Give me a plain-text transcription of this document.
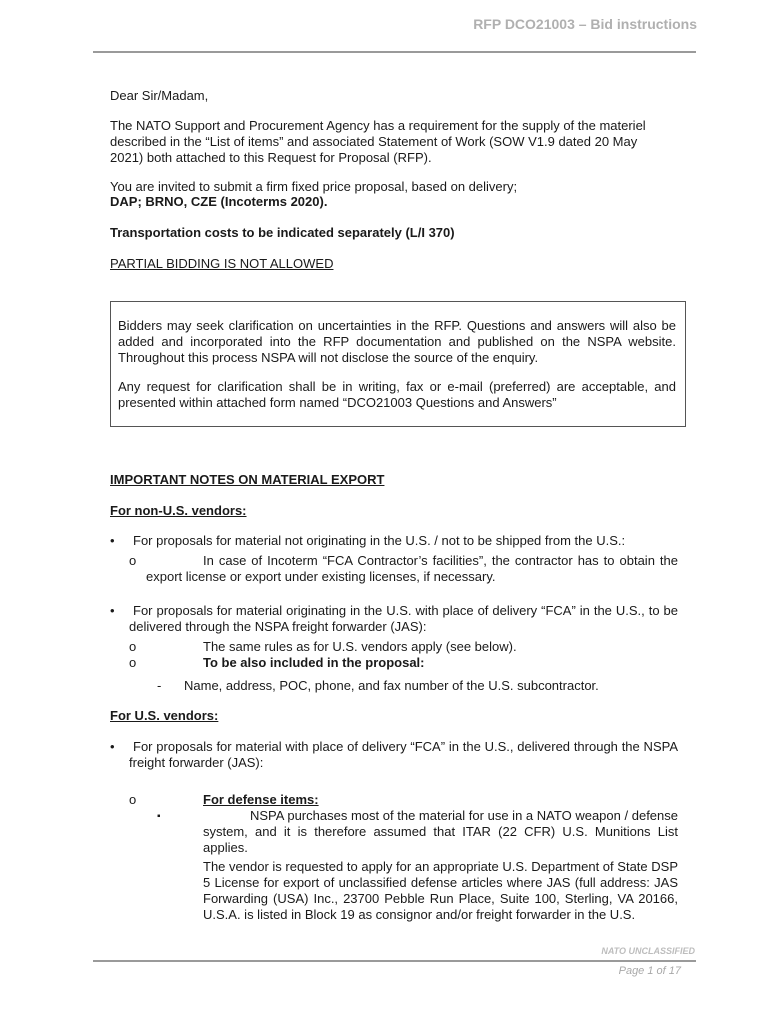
RFP DCO21003 – Bid instructions
Dear Sir/Madam,
The NATO Support and Procurement Agency has a requirement for the supply of the materiel described in the “List of items” and associated Statement of Work (SOW V1.9 dated 20 May 2021) both attached to this Request for Proposal (RFP).
You are invited to submit a firm fixed price proposal, based on delivery;
DAP; BRNO, CZE (Incoterms 2020).
Transportation costs to be indicated separately (L/I 370)
PARTIAL BIDDING IS NOT ALLOWED
Bidders may seek clarification on uncertainties in the RFP. Questions and answers will also be added and incorporated into the RFP documentation and published on the NSPA website. Throughout this process NSPA will not disclose the source of the enquiry.
Any request for clarification shall be in writing, fax or e-mail (preferred) are acceptable, and presented within attached form named “DCO21003 Questions and Answers”
IMPORTANT NOTES ON MATERIAL EXPORT
For non-U.S. vendors:
• For proposals for material not originating in the U.S. / not to be shipped from the U.S.:
o	In case of Incoterm “FCA Contractor’s facilities”, the contractor has to obtain the export license or export under existing licenses, if necessary.
•	For proposals for material originating in the U.S. with place of delivery “FCA” in the U.S., to be delivered through the NSPA freight forwarder (JAS):
o	The same rules as for U.S. vendors apply (see below).
o	To be also included in the proposal:
- Name, address, POC, phone, and fax number of the U.S. subcontractor.
For U.S. vendors:
•	For proposals for material with place of delivery “FCA” in the U.S., delivered through the NSPA freight forwarder (JAS):
o	For defense items:
▪	NSPA purchases most of the material for use in a NATO weapon / defense system, and it is therefore assumed that ITAR (22 CFR) U.S. Munitions List applies.
The vendor is requested to apply for an appropriate U.S. Department of State DSP 5 License for export of unclassified defense articles where JAS (full address: JAS Forwarding (USA) Inc., 23700 Pebble Run Place, Suite 100, Sterling, VA 20166, U.S.A. is listed in Block 19 as consignor and/or freight forwarder in the U.S.
NATO UNCLASSIFIED
Page 1 of 17
